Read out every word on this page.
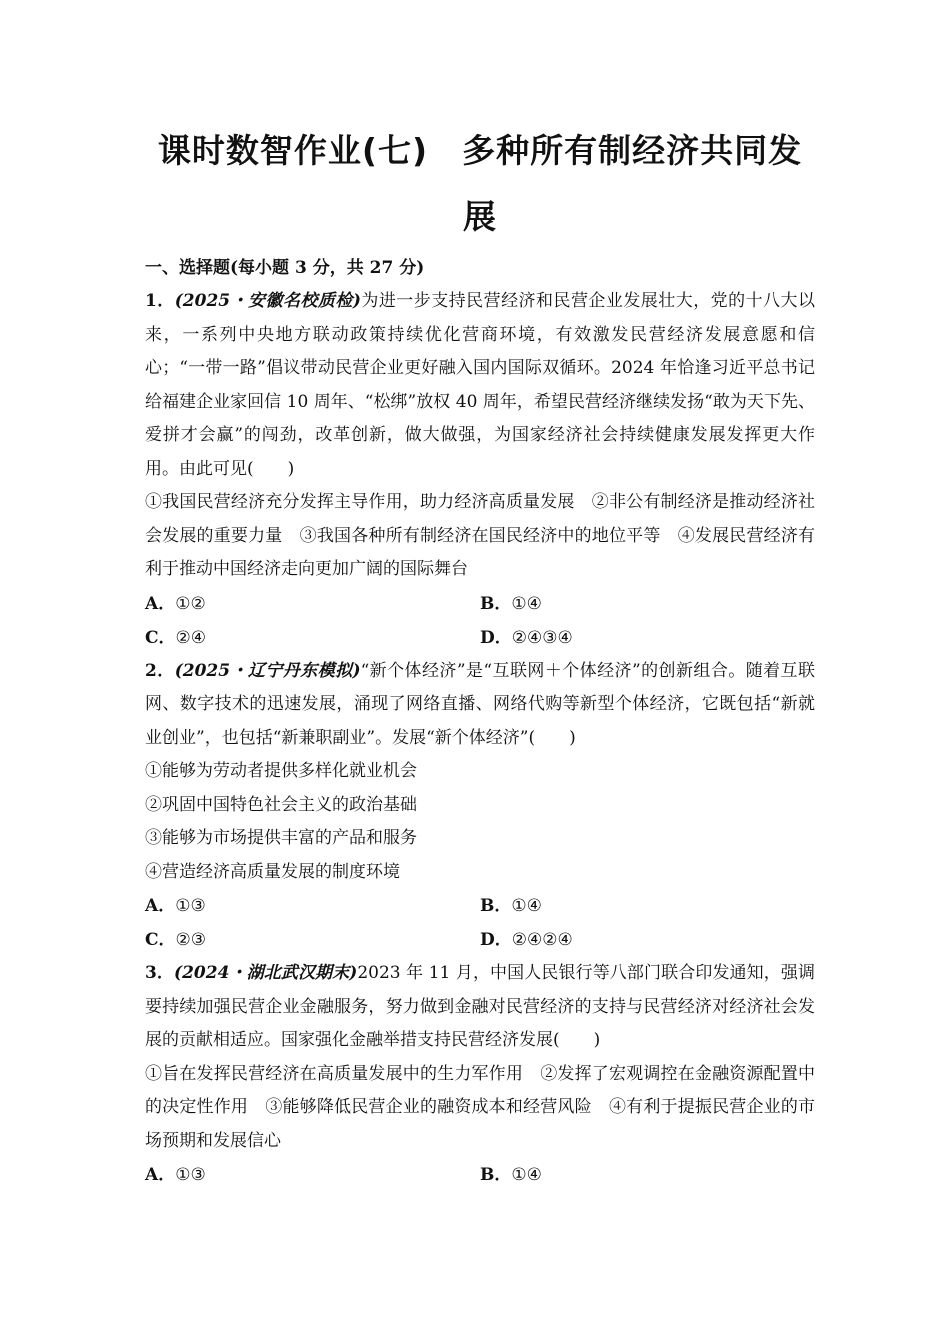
课时数智作业(七)　多种所有制经济共同发
展
一、选择题(每小题 3 分，共 27 分)
1．(2025・安徽名校质检)为进一步支持民营经济和民营企业发展壮大，党的十八大以来，一系列中央地方联动政策持续优化营商环境，有效激发民营经济发展意愿和信心；“一带一路”倡议带动民营企业更好融入国内国际双循环。2024 年恰逢习近平总书记给福建企业家回信 10 周年、“松绑”放权 40 周年，希望民营经济继续发扬“敢为天下先、爱拼才会赢”的闯劲，改革创新，做大做强，为国家经济社会持续健康发展发挥更大作用。由此可见(　　)
①我国民营经济充分发挥主导作用，助力经济高质量发展　②非公有制经济是推动经济社会发展的重要力量　③我国各种所有制经济在国民经济中的地位平等　④发展民营经济有利于推动中国经济走向更加广阔的国际舞台
A．①②	B．①④
C．②④	D．②④③④
2．(2025・辽宁丹东模拟)“新个体经济”是“互联网＋个体经济”的创新组合。随着互联网、数字技术的迅速发展，涌现了网络直播、网络代购等新型个体经济，它既包括“新就业创业”，也包括“新兼职副业”。发展“新个体经济”(　　)
①能够为劳动者提供多样化就业机会
②巩固中国特色社会主义的政治基础
③能够为市场提供丰富的产品和服务
④营造经济高质量发展的制度环境
A．①③	B．①④
C．②③	D．②④②④
3．(2024・湖北武汉期末)2023 年 11 月，中国人民银行等八部门联合印发通知，强调要持续加强民营企业金融服务，努力做到金融对民营经济的支持与民营经济对经济社会发展的贡献相适应。国家强化金融举措支持民营经济发展(　　)
①旨在发挥民营经济在高质量发展中的生力军作用　②发挥了宏观调控在金融资源配置中的决定性作用　③能够降低民营企业的融资成本和经营风险　④有利于提振民营企业的市场预期和发展信心
A．①③	B．①④
